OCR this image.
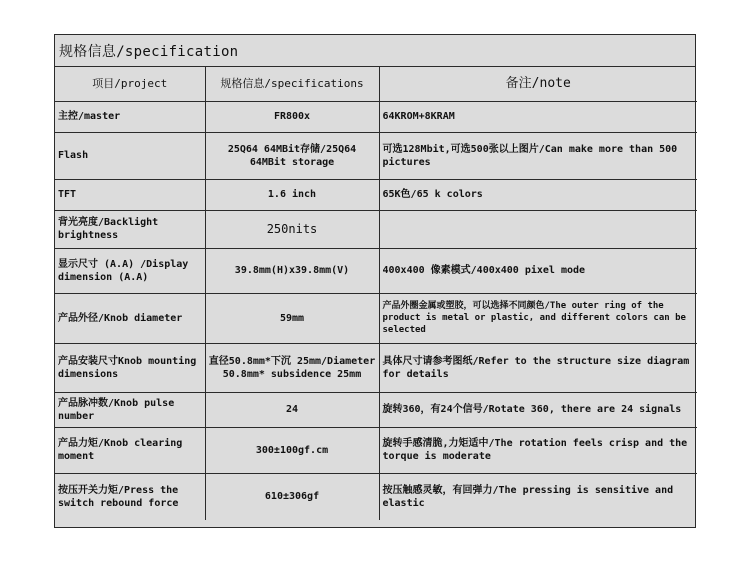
规格信息/specification
项目/project	规格信息/specifications	备注/note
主控/master	FR800x	64KROM+8KRAM
Flash	25Q64 64MBit存储/25Q64 64MBit storage	可选128Mbit,可选500张以上图片/Can make more than 500 pictures
TFT	1.6 inch	65K色/65 k colors
背光亮度/Backlight brightness	250nits	
显示尺寸 (A.A) /Display dimension (A.A)	39.8mm(H)x39.8mm(V)	400x400 像素模式/400x400 pixel mode
产品外径/Knob diameter	59mm	产品外圈金属或塑胶，可以选择不同颜色/The outer ring of the product is metal or plastic, and different colors can be selected
产品安装尺寸Knob mounting dimensions	直径50.8mm*下沉 25mm/Diameter 50.8mm* subsidence 25mm	具体尺寸请参考图纸/Refer to the structure size diagram for details
产品脉冲数/Knob pulse number	24	旋转360，有24个信号/Rotate 360, there are 24 signals
产品力矩/Knob clearing moment	300±100gf.cm	旋转手感清脆,力矩适中/The rotation feels crisp and the torque is moderate
按压开关力矩/Press the switch rebound force	610±306gf	按压触感灵敏，有回弹力/The pressing is sensitive and elastic
